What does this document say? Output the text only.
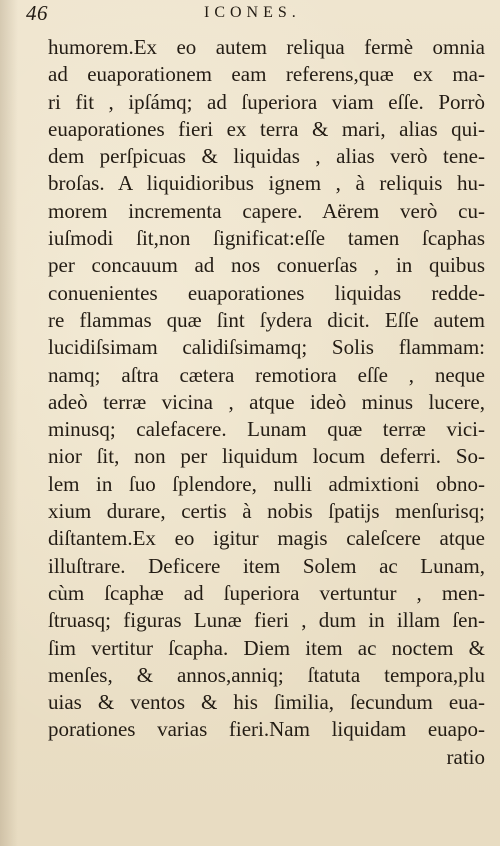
46	ICONES.
humorem.Ex eo autem reliqua fermè omnia
ad euaporationem eam referens,quæ ex ma-
ri fit , ipſámq; ad ſuperiora viam eſſe. Porrò
euaporationes fieri ex terra & mari, alias qui-
dem perſpicuas & liquidas , alias verò tene-
broſas. A liquidioribus ignem , à reliquis hu-
morem incrementa capere. Aërem verò cu-
iuſmodi ſit,non ſignificat:eſſe tamen ſcaphas
per concauum ad nos conuerſas , in quibus
conuenientes euaporationes liquidas redde-
re flammas quæ ſint ſydera dicit. Eſſe autem
lucidiſsimam calidiſsimamq; Solis flammam:
namq; aſtra cætera remotiora eſſe , neque
adeò terræ vicina , atque ideò minus lucere,
minusq; calefacere. Lunam quæ terræ vici-
nior ſit, non per liquidum locum deferri. So-
lem in ſuo ſplendore, nulli admixtioni obno-
xium durare, certis à nobis ſpatijs menſurisq;
diſtantem.Ex eo igitur magis caleſcere atque
illuſtrare. Deficere item Solem ac Lunam,
cùm ſcaphæ ad ſuperiora vertuntur , men-
ſtruasq; figuras Lunæ fieri , dum in illam ſen-
ſim vertitur ſcapha. Diem item ac noctem &
menſes, & annos,anniq; ſtatuta tempora,plu
uias & ventos & his ſimilia, ſecundum eua-
porationes varias fieri.Nam liquidam euapo-
ratio
